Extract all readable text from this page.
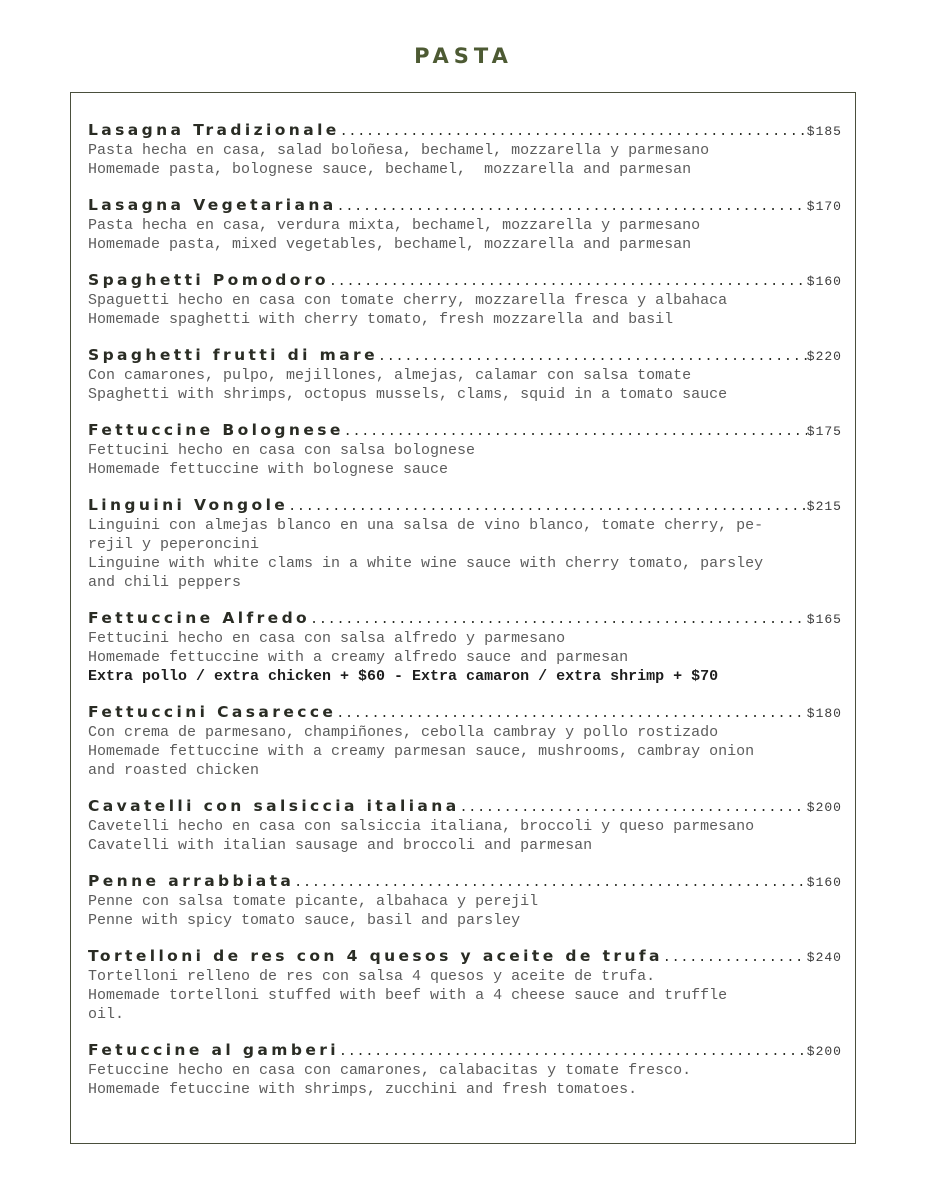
PASTA
Lasagna Tradizionale .....	$185

Pasta hecha en casa, salad boloñesa, bechamel, mozzarella y parmesano

Homemade pasta, bolognese sauce, bechamel,  mozzarella and parmesan

Lasagna Vegetariana .....	$170

Pasta hecha en casa, verdura mixta, bechamel, mozzarella y parmesano

Homemade pasta, mixed vegetables, bechamel, mozzarella and parmesan

Spaghetti Pomodoro .....	$160

Spaguetti hecho en casa con tomate cherry, mozzarella fresca y albahaca

Homemade spaghetti with cherry tomato, fresh mozzarella and basil

Spaghetti frutti di mare .....	$220

Con camarones, pulpo, mejillones, almejas, calamar con salsa tomate

Spaghetti with shrimps, octopus mussels, clams, squid in a tomato sauce

Fettuccine Bolognese .....	$175

Fettucini hecho en casa con salsa bolognese

Homemade fettuccine with bolognese sauce

Linguini Vongole .....	$215

Linguini con almejas blanco en una salsa de vino blanco, tomate cherry, pe-
rejil y peperoncini

Linguine with white clams in a white wine sauce with cherry tomato, parsley
and chili peppers

Fettuccine Alfredo .....	$165

Fettucini hecho en casa con salsa alfredo y parmesano

Homemade fettuccine with a creamy alfredo sauce and parmesan

Extra pollo / extra chicken + $60 - Extra camaron / extra shrimp + $70

Fettuccini Casarecce .....	$180

Con crema de parmesano, champiñones, cebolla cambray y pollo rostizado

Homemade fettuccine with a creamy parmesan sauce, mushrooms, cambray onion
and roasted chicken

Cavatelli con salsiccia italiana .....	$200

Cavetelli hecho en casa con salsiccia italiana, broccoli y queso parmesano

Cavatelli with italian sausage and broccoli and parmesan

Penne arrabbiata .....	$160

Penne con salsa tomate picante, albahaca y perejil

Penne with spicy tomato sauce, basil and parsley

Tortelloni de res con 4 quesos y aceite de trufa .....	$240

Tortelloni relleno de res con salsa 4 quesos y aceite de trufa.

Homemade tortelloni stuffed with beef with a 4 cheese sauce and truffle
oil.

Fetuccine al gamberi .....	$200

Fetuccine hecho en casa con camarones, calabacitas y tomate fresco.

Homemade fetuccine with shrimps, zucchini and fresh tomatoes.
